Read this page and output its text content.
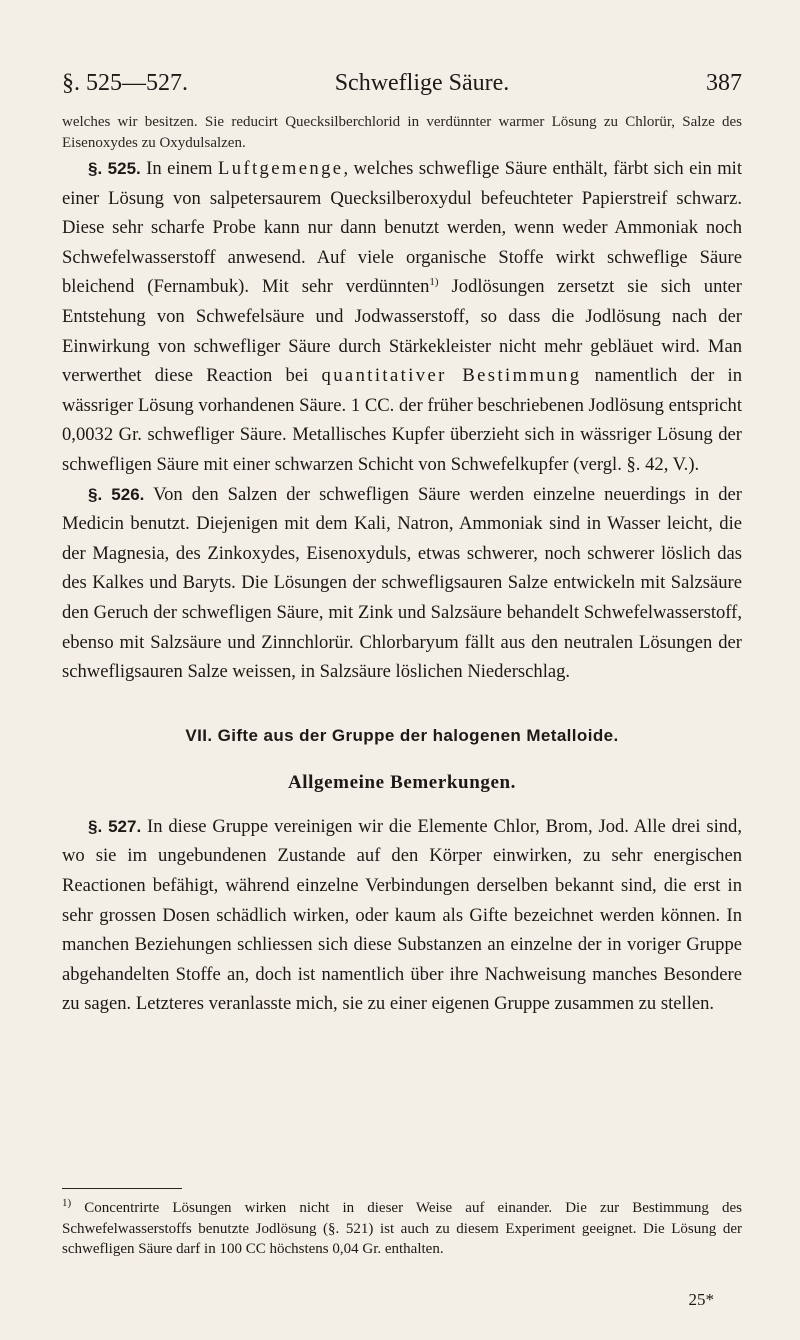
§. 525—527.	Schweflige Säure.	387

welches wir besitzen. Sie reducirt Quecksilberchlorid in verdünnter warmer Lösung zu Chlorür, Salze des Eisenoxydes zu Oxydulsalzen.

§. 525. In einem Luftgemenge, welches schweflige Säure enthält, färbt sich ein mit einer Lösung von salpetersaurem Quecksilberoxydul befeuchteter Papierstreif schwarz. Diese sehr scharfe Probe kann nur dann benutzt werden, wenn weder Ammoniak noch Schwefelwasserstoff anwesend. Auf viele organische Stoffe wirkt schweflige Säure bleichend (Fernambuk). Mit sehr verdünnten$^{1)}$ Jodlösungen zersetzt sie sich unter Entstehung von Schwefelsäure und Jodwasserstoff, so dass die Jodlösung nach der Einwirkung von schwefliger Säure durch Stärkekleister nicht mehr gebläuet wird. Man verwerthet diese Reaction bei quantitativer Bestimmung namentlich der in wässriger Lösung vorhandenen Säure. 1 CC. der früher beschriebenen Jodlösung entspricht 0,0032 Gr. schwefliger Säure. Metallisches Kupfer überzieht sich in wässriger Lösung der schwefligen Säure mit einer schwarzen Schicht von Schwefelkupfer (vergl. §. 42, V.).

§. 526. Von den Salzen der schwefligen Säure werden einzelne neuerdings in der Medicin benutzt. Diejenigen mit dem Kali, Natron, Ammoniak sind in Wasser leicht, die der Magnesia, des Zinkoxydes, Eisenoxyduls, etwas schwerer, noch schwerer löslich das des Kalkes und Baryts. Die Lösungen der schwefligsauren Salze entwickeln mit Salzsäure den Geruch der schwefligen Säure, mit Zink und Salzsäure behandelt Schwefelwasserstoff, ebenso mit Salzsäure und Zinnchlorür. Chlorbaryum fällt aus den neutralen Lösungen der schwefligsauren Salze weissen, in Salzsäure löslichen Niederschlag.

VII. Gifte aus der Gruppe der halogenen Metalloide.
Allgemeine Bemerkungen.

§. 527. In diese Gruppe vereinigen wir die Elemente Chlor, Brom, Jod. Alle drei sind, wo sie im ungebundenen Zustande auf den Körper einwirken, zu sehr energischen Reactionen befähigt, während einzelne Verbindungen derselben bekannt sind, die erst in sehr grossen Dosen schädlich wirken, oder kaum als Gifte bezeichnet werden können. In manchen Beziehungen schliessen sich diese Substanzen an einzelne der in voriger Gruppe abgehandelten Stoffe an, doch ist namentlich über ihre Nachweisung manches Besondere zu sagen. Letzteres veranlasste mich, sie zu einer eigenen Gruppe zusammen zu stellen.

$^{1)}$ Concentrirte Lösungen wirken nicht in dieser Weise auf einander. Die zur Bestimmung des Schwefelwasserstoffs benutzte Jodlösung (§. 521) ist auch zu diesem Experiment geeignet. Die Lösung der schwefligen Säure darf in 100 CC höchstens 0,04 Gr. enthalten.
25*
